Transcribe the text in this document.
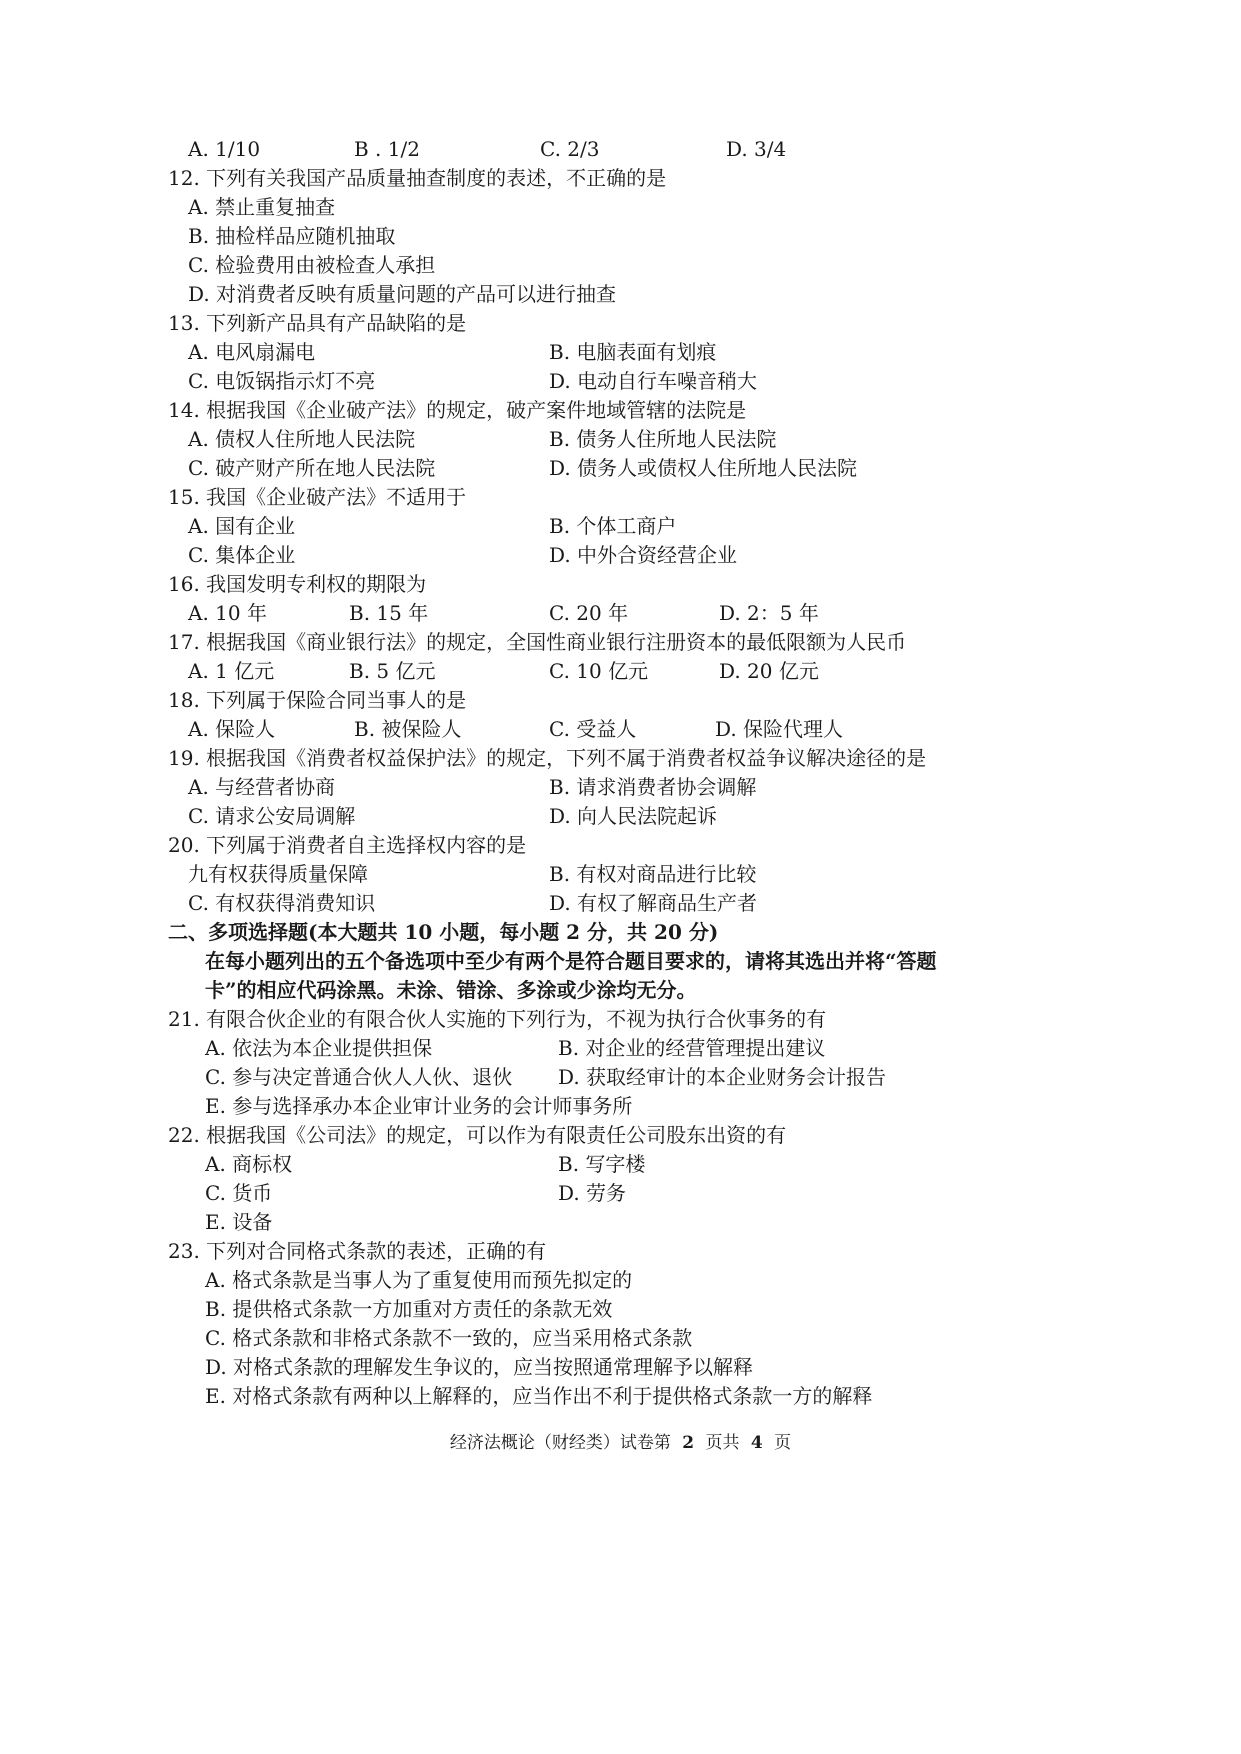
A. 1/10	B . 1/2	C. 2/3	D. 3/4
12. 下列有关我国产品质量抽查制度的表述，不正确的是
A. 禁止重复抽查
B. 抽检样品应随机抽取
C. 检验费用由被检查人承担
D. 对消费者反映有质量问题的产品可以进行抽查
13. 下列新产品具有产品缺陷的是
A. 电风扇漏电	B. 电脑表面有划痕
C. 电饭锅指示灯不亮	D. 电动自行车噪音稍大
14. 根据我国《企业破产法》的规定，破产案件地域管辖的法院是
A. 债权人住所地人民法院	B. 债务人住所地人民法院
C. 破产财产所在地人民法院	D. 债务人或债权人住所地人民法院
15. 我国《企业破产法》不适用于
A. 国有企业	B. 个体工商户
C. 集体企业	D. 中外合资经营企业
16. 我国发明专利权的期限为
A. 10 年	B. 15 年	C. 20 年	D. 2：5 年
17. 根据我国《商业银行法》的规定，全国性商业银行注册资本的最低限额为人民币
A. 1 亿元	B. 5 亿元	C. 10 亿元	D. 20 亿元
18. 下列属于保险合同当事人的是
A. 保险人	B. 被保险人	C. 受益人	D. 保险代理人
19. 根据我国《消费者权益保护法》的规定，下列不属于消费者权益争议解决途径的是
A. 与经营者协商	B. 请求消费者协会调解
C. 请求公安局调解	D. 向人民法院起诉
20. 下列属于消费者自主选择权内容的是
九有权获得质量保障	B. 有权对商品进行比较
C. 有权获得消费知识	D. 有权了解商品生产者
二、多项选择题(本大题共 10 小题，每小题 2 分，共 20 分)
在每小题列出的五个备选项中至少有两个是符合题目要求的，请将其选出并将“答题
卡”的相应代码涂黑。未涂、错涂、多涂或少涂均无分。
21. 有限合伙企业的有限合伙人实施的下列行为，不视为执行合伙事务的有
A. 依法为本企业提供担保	B. 对企业的经营管理提出建议
C. 参与决定普通合伙人人伙、退伙 D. 获取经审计的本企业财务会计报告
E. 参与选择承办本企业审计业务的会计师事务所
22. 根据我国《公司法》的规定，可以作为有限责任公司股东出资的有
A. 商标权	B. 写字楼
C. 货币	D. 劳务
E. 设备
23. 下列对合同格式条款的表述，正确的有
A. 格式条款是当事人为了重复使用而预先拟定的
B. 提供格式条款一方加重对方责任的条款无效
C. 格式条款和非格式条款不一致的，应当采用格式条款
D. 对格式条款的理解发生争议的，应当按照通常理解予以解释
E. 对格式条款有两种以上解释的，应当作出不利于提供格式条款一方的解释
经济法概论（财经类）试卷第 2 页共 4 页
